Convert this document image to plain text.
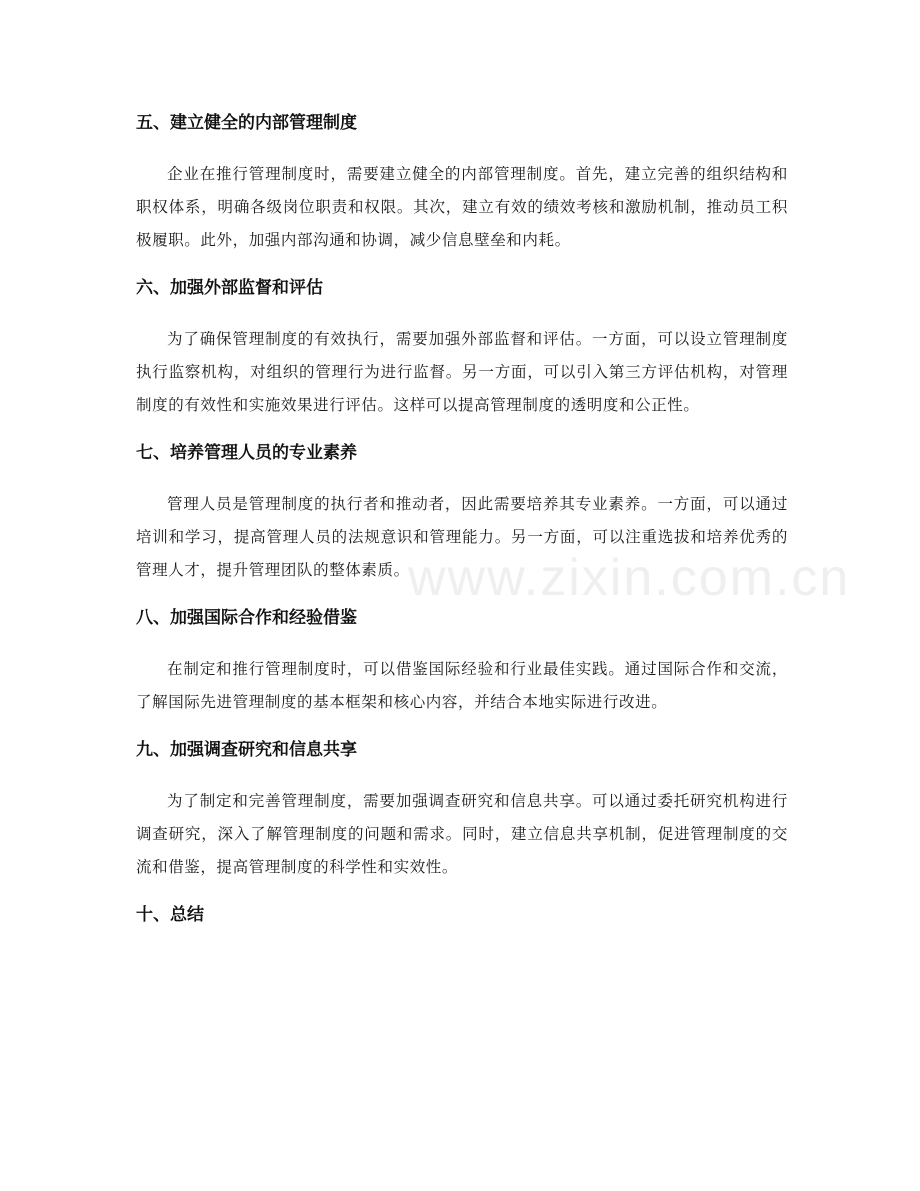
www.zixin.com.cn
五、建立健全的内部管理制度

企业在推行管理制度时，需要建立健全的内部管理制度。首先，建立完善的组织结构和职权体系，明确各级岗位职责和权限。其次，建立有效的绩效考核和激励机制，推动员工积极履职。此外，加强内部沟通和协调，减少信息壁垒和内耗。

六、加强外部监督和评估

为了确保管理制度的有效执行，需要加强外部监督和评估。一方面，可以设立管理制度执行监察机构，对组织的管理行为进行监督。另一方面，可以引入第三方评估机构，对管理制度的有效性和实施效果进行评估。这样可以提高管理制度的透明度和公正性。

七、培养管理人员的专业素养

管理人员是管理制度的执行者和推动者，因此需要培养其专业素养。一方面，可以通过培训和学习，提高管理人员的法规意识和管理能力。另一方面，可以注重选拔和培养优秀的管理人才，提升管理团队的整体素质。

八、加强国际合作和经验借鉴

在制定和推行管理制度时，可以借鉴国际经验和行业最佳实践。通过国际合作和交流，了解国际先进管理制度的基本框架和核心内容，并结合本地实际进行改进。

九、加强调查研究和信息共享

为了制定和完善管理制度，需要加强调查研究和信息共享。可以通过委托研究机构进行调查研究，深入了解管理制度的问题和需求。同时，建立信息共享机制，促进管理制度的交流和借鉴，提高管理制度的科学性和实效性。

十、总结
